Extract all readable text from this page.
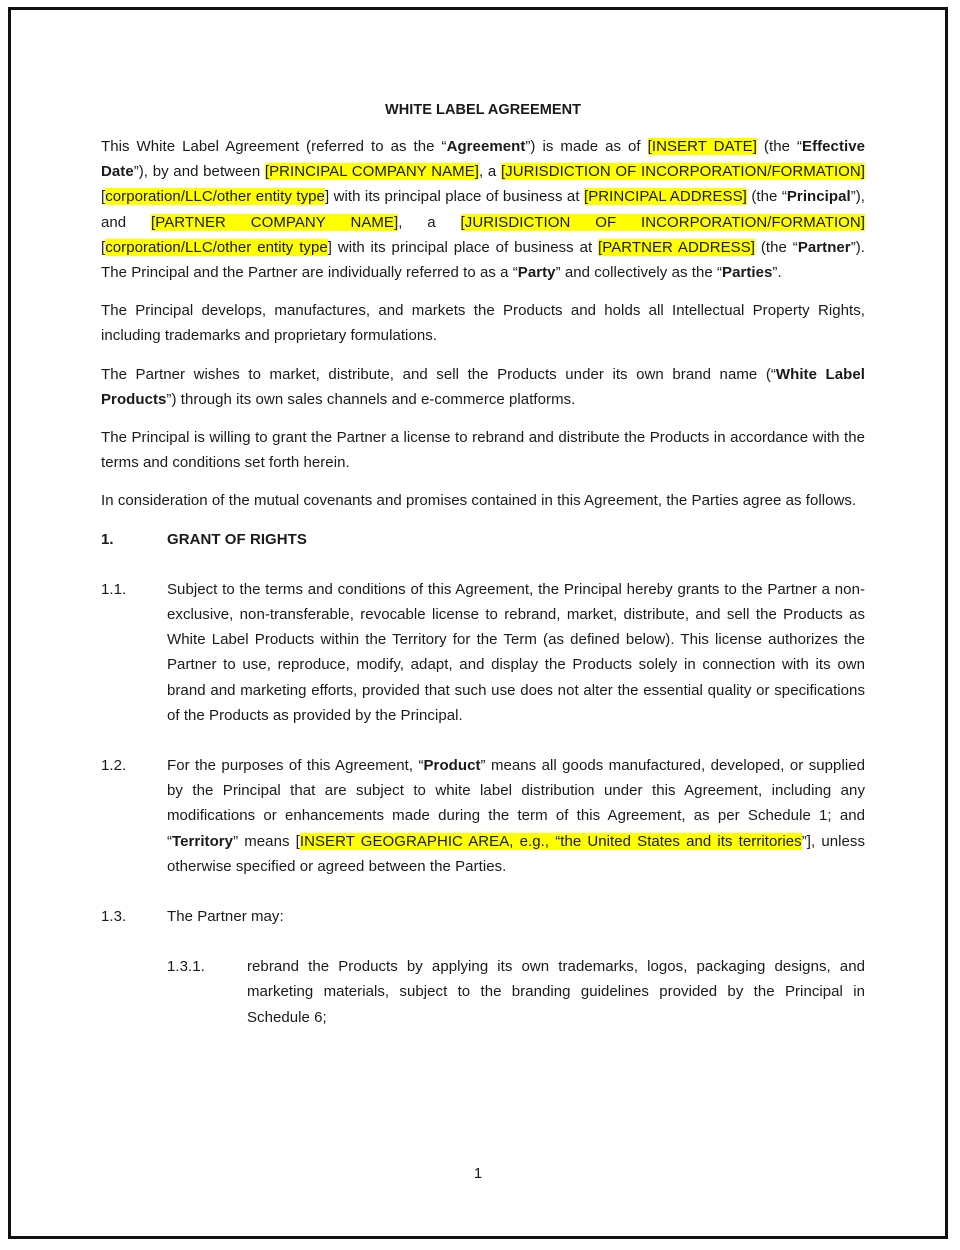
WHITE LABEL AGREEMENT

This White Label Agreement (referred to as the “Agreement”) is made as of [INSERT DATE] (the “Effective Date”), by and between [PRINCIPAL COMPANY NAME], a [JURISDICTION OF INCORPORATION/FORMATION] [corporation/LLC/other entity type] with its principal place of business at [PRINCIPAL ADDRESS] (the “Principal”), and [PARTNER COMPANY NAME], a [JURISDICTION OF INCORPORATION/FORMATION] [corporation/LLC/other entity type] with its principal place of business at [PARTNER ADDRESS] (the “Partner”). The Principal and the Partner are individually referred to as a “Party” and collectively as the “Parties”.

The Principal develops, manufactures, and markets the Products and holds all Intellectual Property Rights, including trademarks and proprietary formulations.

The Partner wishes to market, distribute, and sell the Products under its own brand name (“White Label Products”) through its own sales channels and e-commerce platforms.

The Principal is willing to grant the Partner a license to rebrand and distribute the Products in accordance with the terms and conditions set forth herein.

In consideration of the mutual covenants and promises contained in this Agreement, the Parties agree as follows.

1.	GRANT OF RIGHTS
1.1.	Subject to the terms and conditions of this Agreement, the Principal hereby grants to the Partner a non-exclusive, non-transferable, revocable license to rebrand, market, distribute, and sell the Products as White Label Products within the Territory for the Term (as defined below). This license authorizes the Partner to use, reproduce, modify, adapt, and display the Products solely in connection with its own brand and marketing efforts, provided that such use does not alter the essential quality or specifications of the Products as provided by the Principal.
1.2.	For the purposes of this Agreement, “Product” means all goods manufactured, developed, or supplied by the Principal that are subject to white label distribution under this Agreement, including any modifications or enhancements made during the term of this Agreement, as per Schedule 1; and “Territory” means [INSERT GEOGRAPHIC AREA, e.g., “the United States and its territories”], unless otherwise specified or agreed between the Parties.
1.3.	The Partner may:
1.3.1.	rebrand the Products by applying its own trademarks, logos, packaging designs, and marketing materials, subject to the branding guidelines provided by the Principal in Schedule 6;
1
